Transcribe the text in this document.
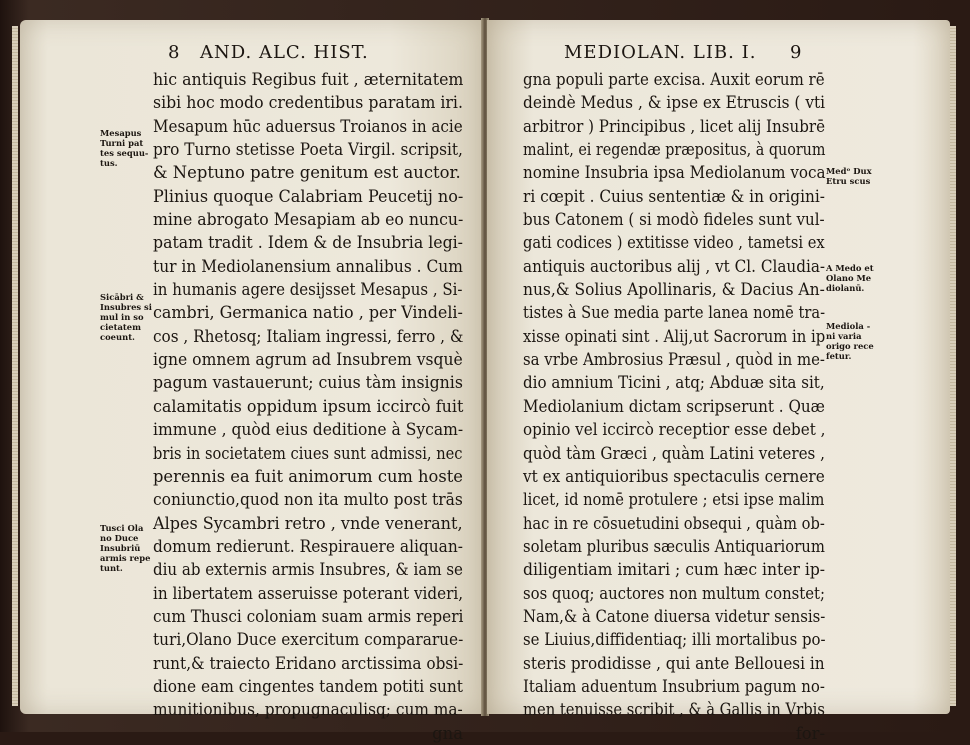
8 AND. ALC. HIST.
Mesapus
Turni pat
tes sequu-
tus.
Sicābri &
Insubres si
mul in so
cietatem
coeunt.
Tusci Ola
no Duce
Insubriū
armis repe
tunt.
hic antiquis Regibus fuit , æternitatem
sibi hoc modo credentibus paratam iri.
Mesapum hūc aduersus Troianos in acie
pro Turno stetisse Poeta Virgil. scripsit,
& Neptuno patre genitum est auctor.
Plinius quoque Calabriam Peucetij no-
mine abrogato Mesapiam ab eo nuncu-
patam tradit . Idem & de Insubria legi-
tur in Mediolanensium annalibus . Cum
in humanis agere desijsset Mesapus , Si-
cambri, Germanica natio , per Vindeli-
cos , Rhetosq; Italiam ingressi, ferro , &
igne omnem agrum ad Insubrem vsquè
pagum vastauerunt; cuius tàm insignis
calamitatis oppidum ipsum iccircò fuit
immune , quòd eius deditione à Sycam-
bris in societatem ciues sunt admissi, nec
perennis ea fuit animorum cum hoste
coniunctio,quod non ita multo post trās
Alpes Sycambri retro , vnde venerant,
domum redierunt. Respirauere aliquan-
diu ab externis armis Insubres, & iam se
in libertatem asseruisse poterant videri,
cum Thusci coloniam suam armis reperi
turi,Olano Duce exercitum compararue-
runt,& traiecto Eridano arctissima obsi-
dione eam cingentes tandem potiti sunt
munitionibus, propugnaculisq; cum ma-
gna
MEDIOLAN. LIB. I. 9
Medᵒ Dux
Etru scus
A Medo et
Olano Me
diolanū.
Mediola -
ni varia
origo rece
fetur.
gna populi parte excisa. Auxit eorum rē
deindè Medus , & ipse ex Etruscis ( vti
arbitror ) Principibus , licet alij Insubrē
malint, ei regendæ præpositus, à quorum
nomine Insubria ipsa Mediolanum voca
ri cœpit . Cuius sententiæ & in origini-
bus Catonem ( si modò fideles sunt vul-
gati codices ) extitisse video , tametsi ex
antiquis auctoribus alij , vt Cl. Claudia-
nus,& Solius Apollinaris, & Dacius An-
tistes à Sue media parte lanea nomē tra-
xisse opinati sint . Alij,ut Sacrorum in ip
sa vrbe Ambrosius Præsul , quòd in me-
dio amnium Ticini , atq; Abduæ sita sit,
Mediolanium dictam scripserunt . Quæ
opinio vel iccircò receptior esse debet ,
quòd tàm Græci , quàm Latini veteres ,
vt ex antiquioribus spectaculis cernere
licet, id nomē protulere ; etsi ipse malim
hac in re cōsuetudini obsequi , quàm ob-
soletam pluribus sæculis Antiquariorum
diligentiam imitari ; cum hæc inter ip-
sos quoq; auctores non multum constet;
Nam,& à Catone diuersa videtur sensis-
se Liuius,diffidentiaq; illi mortalibus po-
steris prodidisse , qui ante Bellouesi in
Italiam aduentum Insubrium pagum no-
men tenuisse scribit , & à Gallis in Vrbis
for-
